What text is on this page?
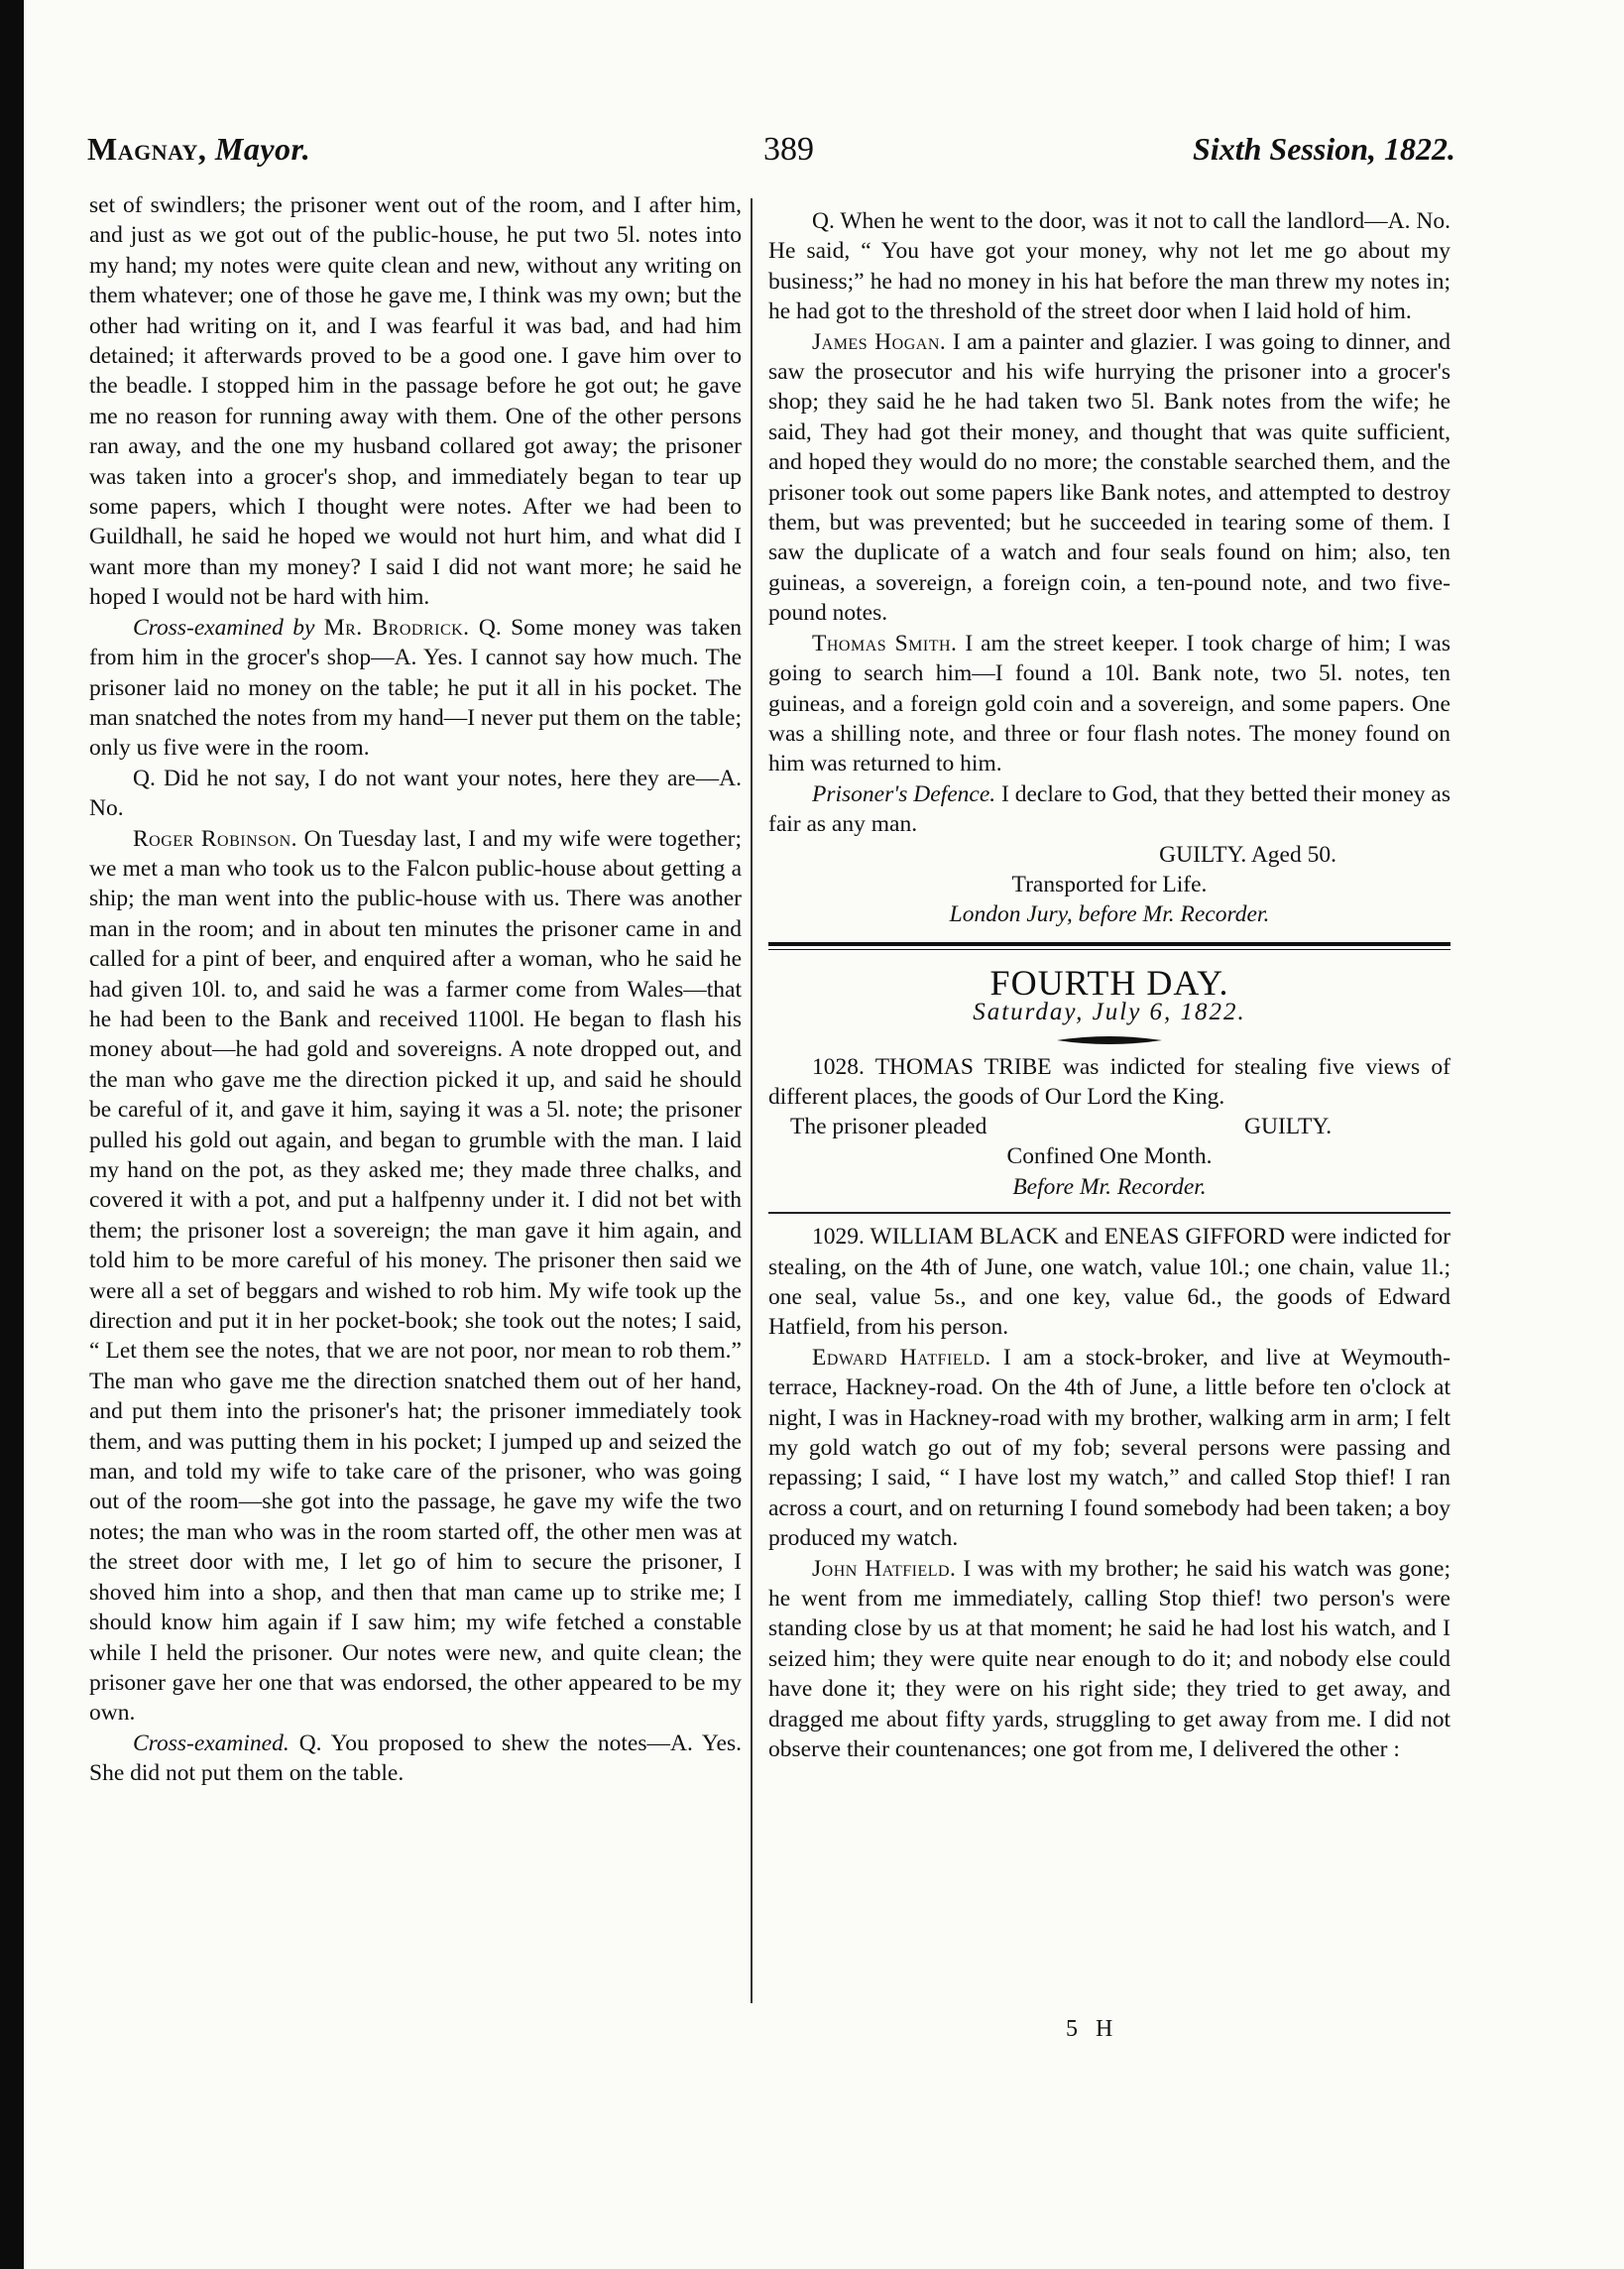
Magnay, Mayor.	389	Sixth Session, 1822.

set of swindlers; the prisoner went out of the room, and I after him, and just as we got out of the public-house, he put two 5l. notes into my hand; my notes were quite clean and new, without any writing on them whatever; one of those he gave me, I think was my own; but the other had writing on it, and I was fearful it was bad, and had him detained; it afterwards proved to be a good one. I gave him over to the beadle. I stopped him in the passage before he got out; he gave me no reason for running away with them. One of the other persons ran away, and the one my husband collared got away; the prisoner was taken into a grocer's shop, and immediately began to tear up some papers, which I thought were notes. After we had been to Guildhall, he said he hoped we would not hurt him, and what did I want more than my money? I said I did not want more; he said he hoped I would not be hard with him.

Cross-examined by Mr. Brodrick. Q. Some money was taken from him in the grocer's shop—A. Yes. I cannot say how much. The prisoner laid no money on the table; he put it all in his pocket. The man snatched the notes from my hand—I never put them on the table; only us five were in the room.

Q. Did he not say, I do not want your notes, here they are—A. No.

Roger Robinson. On Tuesday last, I and my wife were together; we met a man who took us to the Falcon public-house about getting a ship; the man went into the public-house with us. There was another man in the room; and in about ten minutes the prisoner came in and called for a pint of beer, and enquired after a woman, who he said he had given 10l. to, and said he was a farmer come from Wales—that he had been to the Bank and received 1100l. He began to flash his money about—he had gold and sovereigns. A note dropped out, and the man who gave me the direction picked it up, and said he should be careful of it, and gave it him, saying it was a 5l. note; the prisoner pulled his gold out again, and began to grumble with the man. I laid my hand on the pot, as they asked me; they made three chalks, and covered it with a pot, and put a halfpenny under it. I did not bet with them; the prisoner lost a sovereign; the man gave it him again, and told him to be more careful of his money. The prisoner then said we were all a set of beggars and wished to rob him. My wife took up the direction and put it in her pocket-book; she took out the notes; I said, “ Let them see the notes, that we are not poor, nor mean to rob them.” The man who gave me the direction snatched them out of her hand, and put them into the prisoner's hat; the prisoner immediately took them, and was putting them in his pocket; I jumped up and seized the man, and told my wife to take care of the prisoner, who was going out of the room—she got into the passage, he gave my wife the two notes; the man who was in the room started off, the other men was at the street door with me, I let go of him to secure the prisoner, I shoved him into a shop, and then that man came up to strike me; I should know him again if I saw him; my wife fetched a constable while I held the prisoner. Our notes were new, and quite clean; the prisoner gave her one that was endorsed, the other appeared to be my own.

Cross-examined. Q. You proposed to shew the notes—A. Yes. She did not put them on the table.

Q. When he went to the door, was it not to call the landlord—A. No. He said, “ You have got your money, why not let me go about my business;” he had no money in his hat before the man threw my notes in; he had got to the threshold of the street door when I laid hold of him.

James Hogan. I am a painter and glazier. I was going to dinner, and saw the prosecutor and his wife hurrying the prisoner into a grocer's shop; they said he he had taken two 5l. Bank notes from the wife; he said, They had got their money, and thought that was quite sufficient, and hoped they would do no more; the constable searched them, and the prisoner took out some papers like Bank notes, and attempted to destroy them, but was prevented; but he succeeded in tearing some of them. I saw the duplicate of a watch and four seals found on him; also, ten guineas, a sovereign, a foreign coin, a ten-pound note, and two five-pound notes.

Thomas Smith. I am the street keeper. I took charge of him; I was going to search him—I found a 10l. Bank note, two 5l. notes, ten guineas, and a foreign gold coin and a sovereign, and some papers. One was a shilling note, and three or four flash notes. The money found on him was returned to him.

Prisoner's Defence. I declare to God, that they betted their money as fair as any man.

GUILTY. Aged 50.
Transported for Life.
London Jury, before Mr. Recorder.
FOURTH DAY.
Saturday, July 6, 1822.

1028. THOMAS TRIBE was indicted for stealing five views of different places, the goods of Our Lord the King.

The prisoner pleaded	GUILTY.
Confined One Month.
Before Mr. Recorder.

1029. WILLIAM BLACK and ENEAS GIFFORD were indicted for stealing, on the 4th of June, one watch, value 10l.; one chain, value 1l.; one seal, value 5s., and one key, value 6d., the goods of Edward Hatfield, from his person.

Edward Hatfield. I am a stock-broker, and live at Weymouth-terrace, Hackney-road. On the 4th of June, a little before ten o'clock at night, I was in Hackney-road with my brother, walking arm in arm; I felt my gold watch go out of my fob; several persons were passing and repassing; I said, “ I have lost my watch,” and called Stop thief! I ran across a court, and on returning I found somebody had been taken; a boy produced my watch.

John Hatfield. I was with my brother; he said his watch was gone; he went from me immediately, calling Stop thief! two person's were standing close by us at that moment; he said he had lost his watch, and I seized him; they were quite near enough to do it; and nobody else could have done it; they were on his right side; they tried to get away, and dragged me about fifty yards, struggling to get away from me. I did not observe their countenances; one got from me, I delivered the other :

5 H
